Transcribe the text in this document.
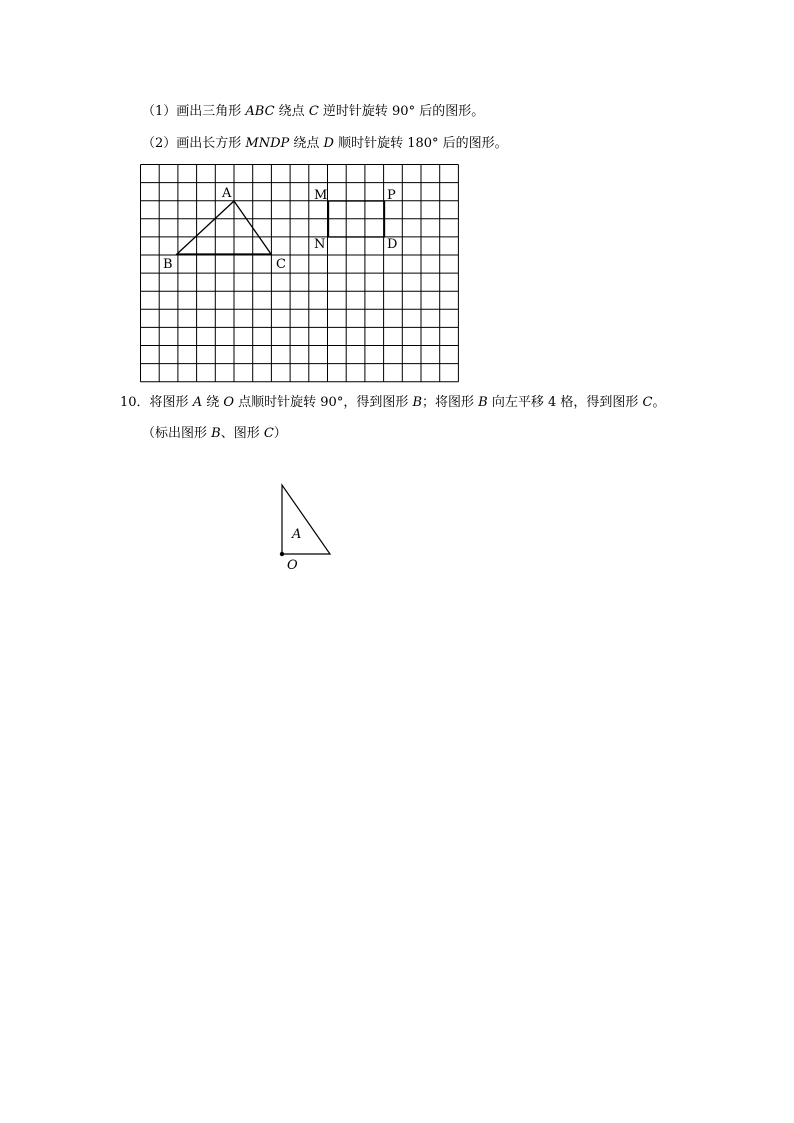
（1）画出三角形 ABC 绕点 C 逆时针旋转 90° 后的图形。
（2）画出长方形 MNDP 绕点 D 顺时针旋转 180° 后的图形。
A
B	C
M
N	D
P
A
O
10．将图形 A 绕 O 点顺时针旋转 90°，得到图形 B；将图形 B 向左平移 4 格，得到图形 C。
（标出图形 B、图形 C）
